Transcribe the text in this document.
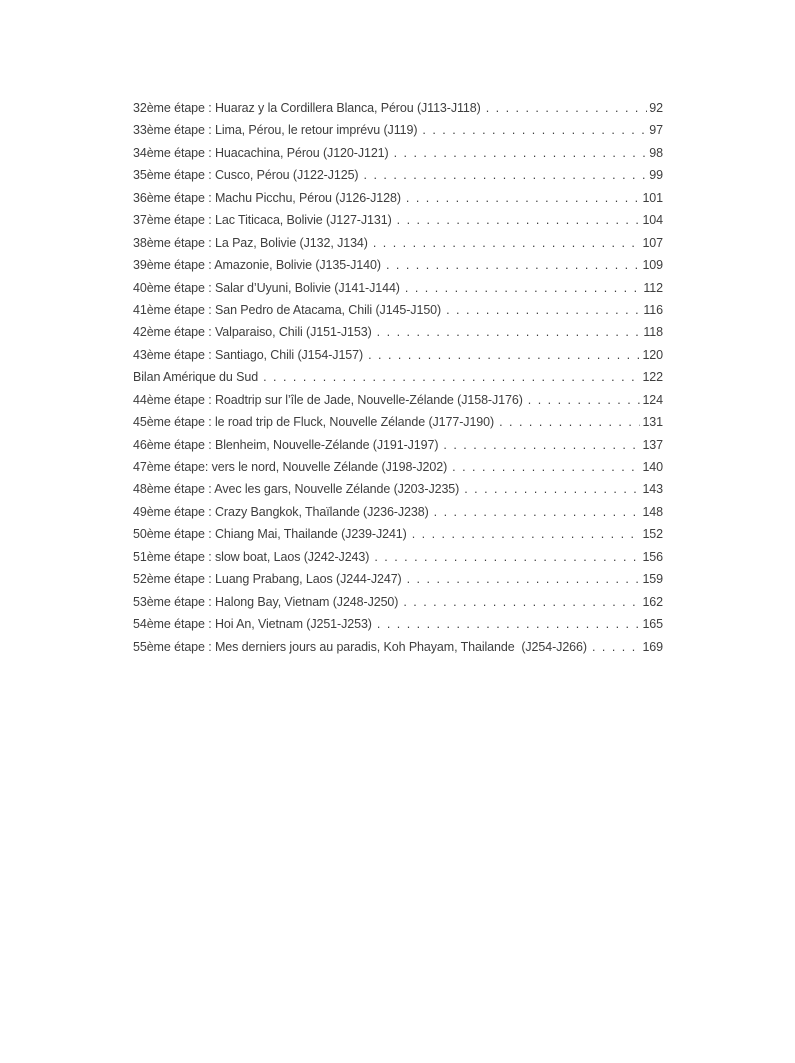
32ème étape : Huaraz y la Cordillera Blanca, Pérou (J113-J118) . . .	92
33ème étape : Lima, Pérou, le retour imprévu (J119) . . .	97
34ème étape : Huacachina, Pérou (J120-J121) . . .	98
35ème étape : Cusco, Pérou (J122-J125) . . .	99
36ème étape : Machu Picchu, Pérou (J126-J128) . . .	101
37ème étape : Lac Titicaca, Bolivie (J127-J131) . . .	104
38ème étape : La Paz, Bolivie (J132, J134) . . .	107
39ème étape : Amazonie, Bolivie (J135-J140) . . .	109
40ème étape : Salar d’Uyuni, Bolivie (J141-J144) . . .	112
41ème étape : San Pedro de Atacama, Chili (J145-J150) . . .	116
42ème étape : Valparaiso, Chili (J151-J153) . . .	118
43ème étape : Santiago, Chili (J154-J157) . . .	120
Bilan Amérique du Sud . . .	122
44ème étape : Roadtrip sur l’île de Jade, Nouvelle-Zélande (J158-J176) . . .	124
45ème étape : le road trip de Fluck, Nouvelle Zélande (J177-J190) . . .	131
46ème étape : Blenheim, Nouvelle-Zélande (J191-J197) . . .	137
47ème étape: vers le nord, Nouvelle Zélande (J198-J202) . . .	140
48ème étape : Avec les gars, Nouvelle Zélande (J203-J235) . . .	143
49ème étape : Crazy Bangkok, Thaïlande (J236-J238) . . .	148
50ème étape : Chiang Mai, Thailande (J239-J241) . . .	152
51ème étape : slow boat, Laos (J242-J243) . . .	156
52ème étape : Luang Prabang, Laos (J244-J247) . . .	159
53ème étape : Halong Bay, Vietnam (J248-J250) . . .	162
54ème étape : Hoi An, Vietnam (J251-J253) . . .	165
55ème étape : Mes derniers jours au paradis, Koh Phayam, Thailande  (J254-J266) . . .	169
